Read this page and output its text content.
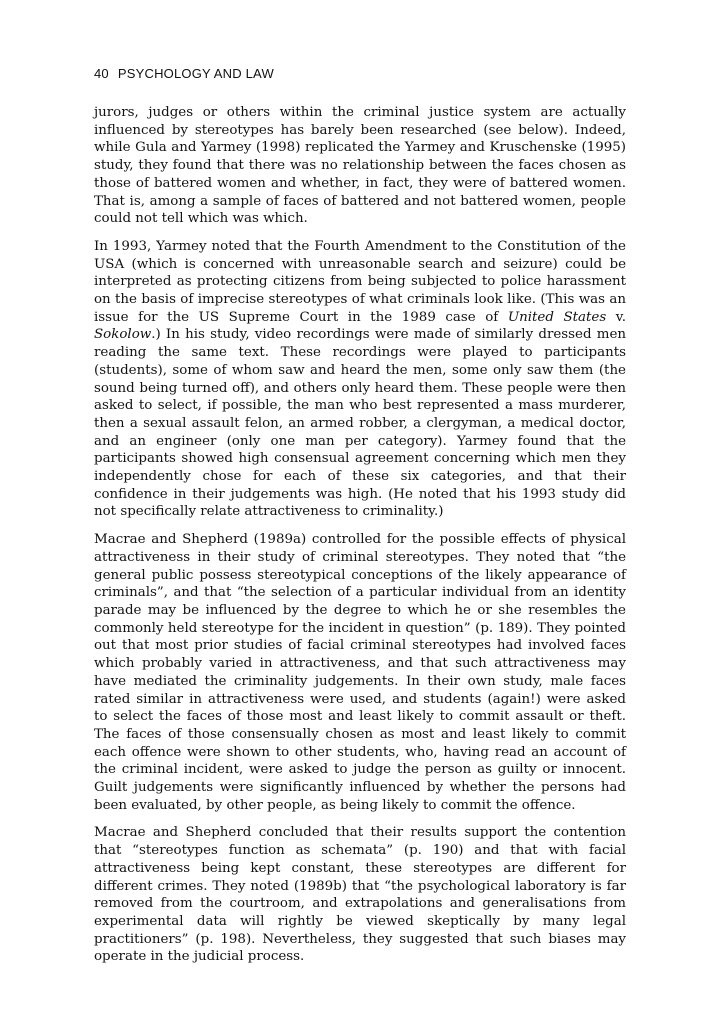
40 PSYCHOLOGY AND LAW

jurors, judges or others within the criminal justice system are actually influenced by stereotypes has barely been researched (see below). Indeed, while Gula and Yarmey (1998) replicated the Yarmey and Kruschenske (1995) study, they found that there was no relationship between the faces chosen as those of battered women and whether, in fact, they were of battered women. That is, among a sample of faces of battered and not battered women, people could not tell which was which.

In 1993, Yarmey noted that the Fourth Amendment to the Constitution of the USA (which is concerned with unreasonable search and seizure) could be interpreted as protecting citizens from being subjected to police harassment on the basis of imprecise stereotypes of what criminals look like. (This was an issue for the US Supreme Court in the 1989 case of United States v. Sokolow.) In his study, video recordings were made of similarly dressed men reading the same text. These recordings were played to participants (students), some of whom saw and heard the men, some only saw them (the sound being turned off), and others only heard them. These people were then asked to select, if possible, the man who best represented a mass murderer, then a sexual assault felon, an armed robber, a clergyman, a medical doctor, and an engineer (only one man per category). Yarmey found that the participants showed high consensual agreement concerning which men they independently chose for each of these six categories, and that their confidence in their judgements was high. (He noted that his 1993 study did not specifically relate attractiveness to criminality.)

Macrae and Shepherd (1989a) controlled for the possible effects of physical attractiveness in their study of criminal stereotypes. They noted that “the general public possess stereotypical conceptions of the likely appearance of criminals”, and that “the selection of a particular individual from an identity parade may be influenced by the degree to which he or she resembles the commonly held stereotype for the incident in question” (p. 189). They pointed out that most prior studies of facial criminal stereotypes had involved faces which probably varied in attractiveness, and that such attractiveness may have mediated the criminality judgements. In their own study, male faces rated similar in attractiveness were used, and students (again!) were asked to select the faces of those most and least likely to commit assault or theft. The faces of those consensually chosen as most and least likely to commit each offence were shown to other students, who, having read an account of the criminal incident, were asked to judge the person as guilty or innocent. Guilt judgements were significantly influenced by whether the persons had been evaluated, by other people, as being likely to commit the offence.

Macrae and Shepherd concluded that their results support the contention that “stereotypes function as schemata” (p. 190) and that with facial attractiveness being kept constant, these stereotypes are different for different crimes. They noted (1989b) that “the psychological laboratory is far removed from the courtroom, and extrapolations and generalisations from experimental data will rightly be viewed skeptically by many legal practitioners” (p. 198). Nevertheless, they suggested that such biases may operate in the judicial process.
